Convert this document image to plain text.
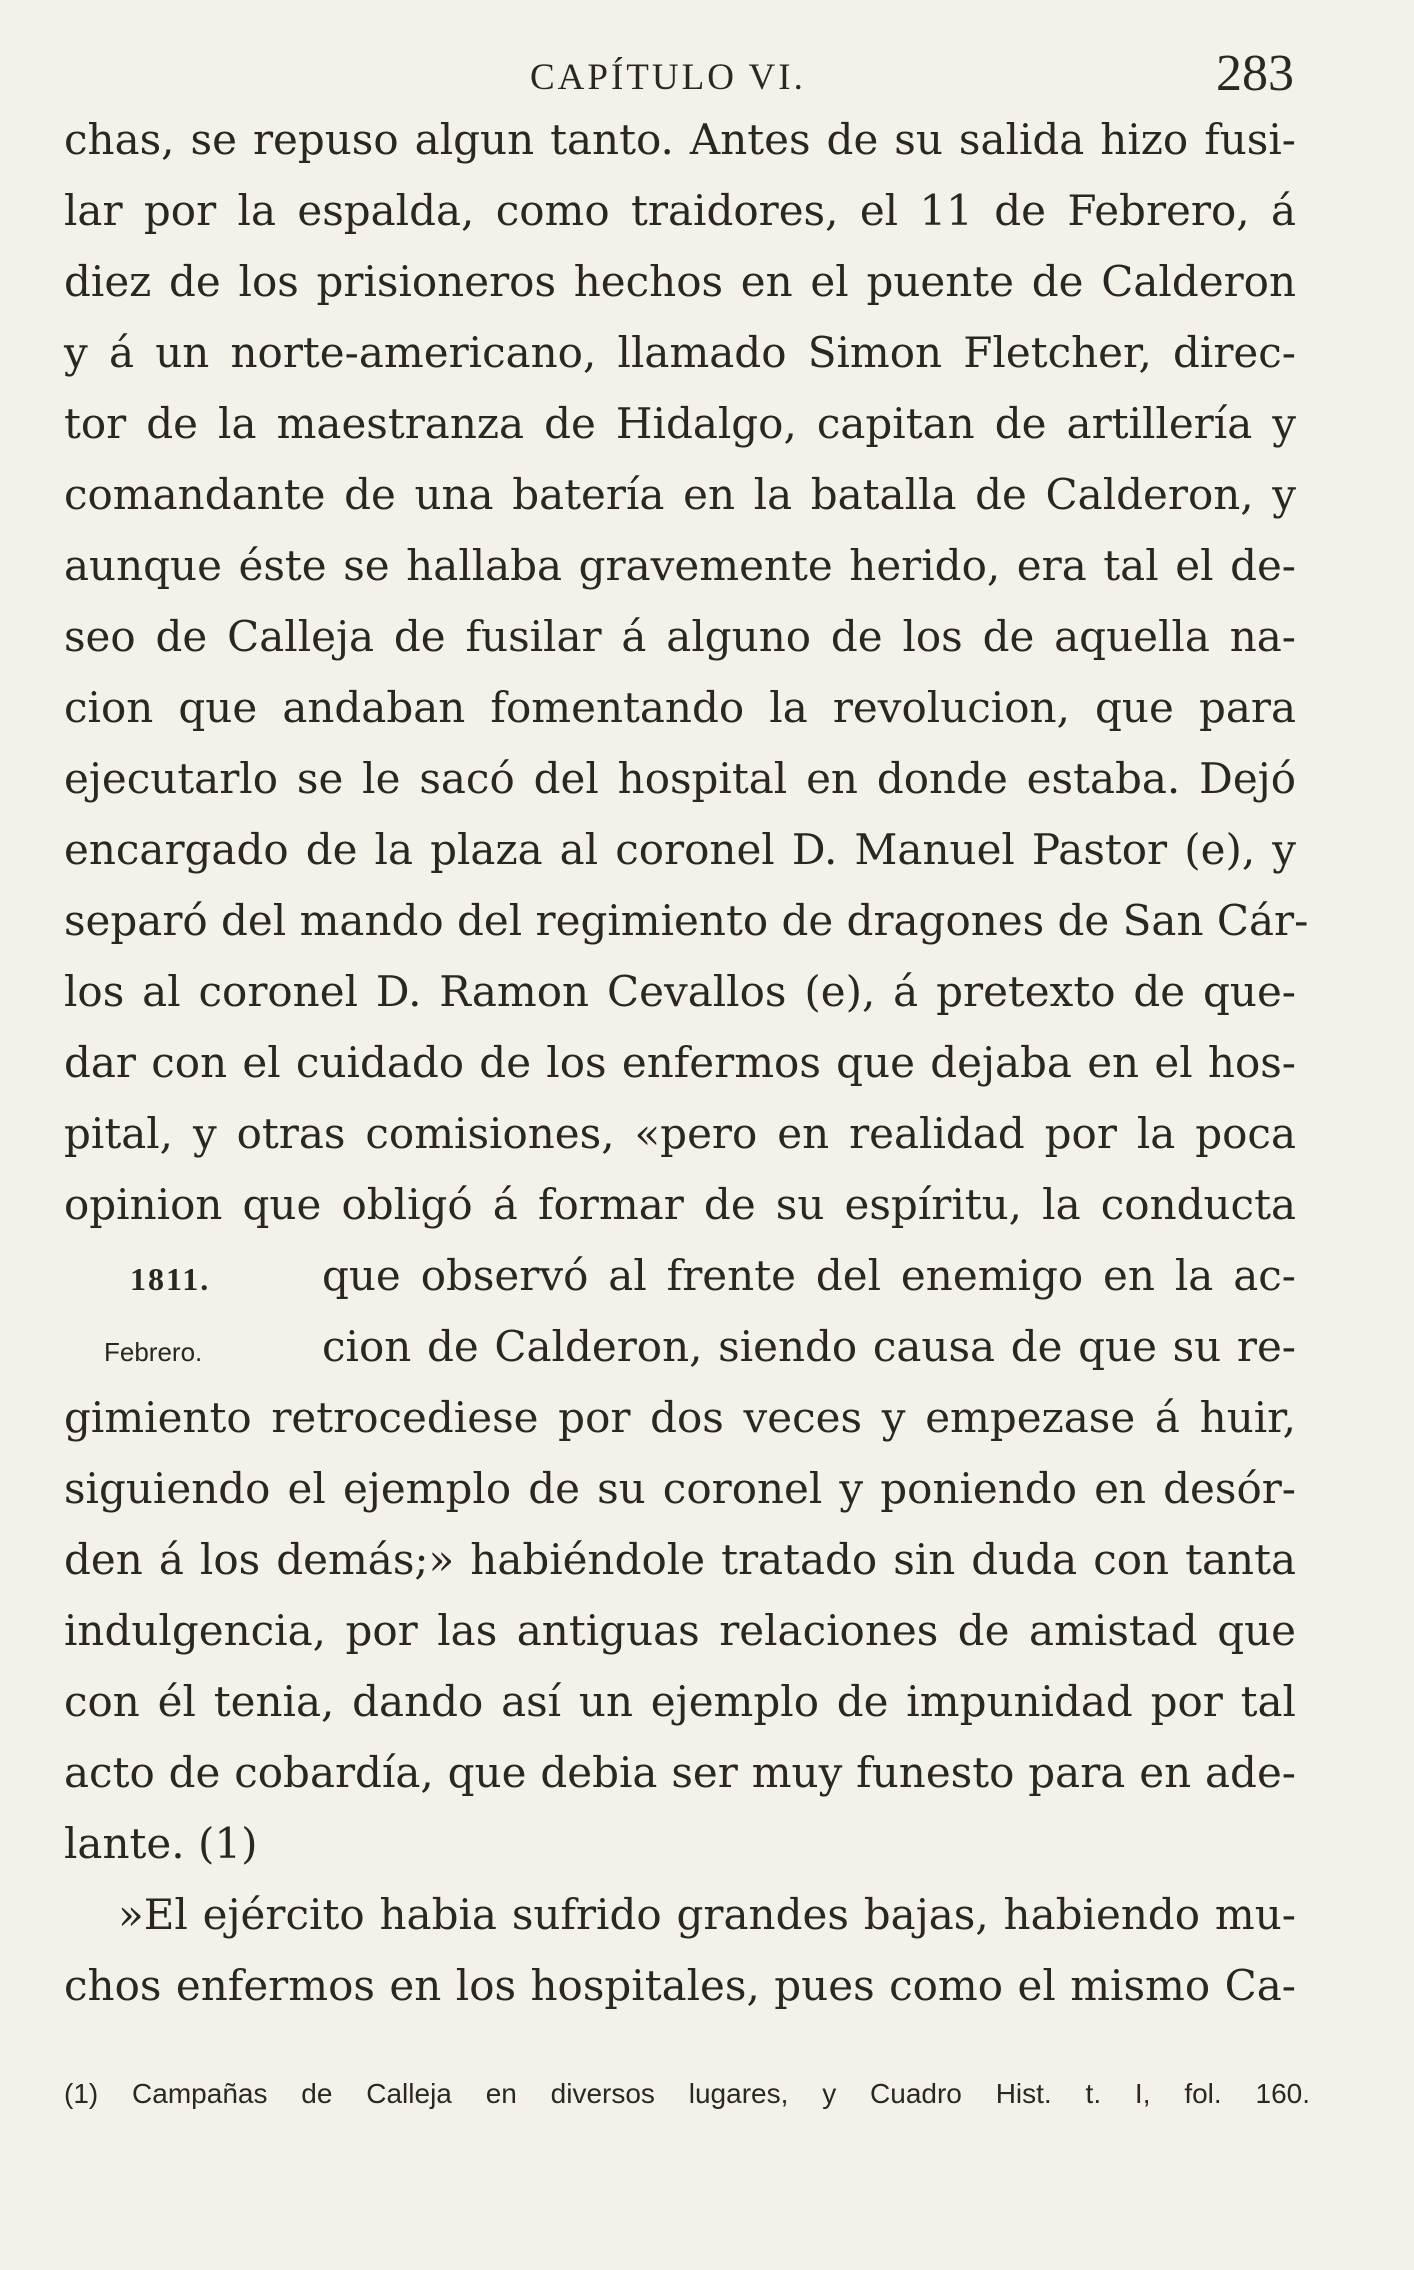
CAPÍTULO VI.	283
chas, se repuso algun tanto. Antes de su salida hizo fusi-
lar por la espalda, como traidores, el 11 de Febrero, á
diez de los prisioneros hechos en el puente de Calderon
y á un norte-americano, llamado Simon Fletcher, direc-
tor de la maestranza de Hidalgo, capitan de artillería y
comandante de una batería en la batalla de Calderon, y
aunque éste se hallaba gravemente herido, era tal el de-
seo de Calleja de fusilar á alguno de los de aquella na-
cion que andaban fomentando la revolucion, que para
ejecutarlo se le sacó del hospital en donde estaba. Dejó
encargado de la plaza al coronel D. Manuel Pastor (e), y
separó del mando del regimiento de dragones de San Cár-
los al coronel D. Ramon Cevallos (e), á pretexto de que-
dar con el cuidado de los enfermos que dejaba en el hos-
pital, y otras comisiones, «pero en realidad por la poca
opinion que obligó á formar de su espíritu, la conducta
1811.	que observó al frente del enemigo en la ac-
Febrero.	cion de Calderon, siendo causa de que su re-
gimiento retrocediese por dos veces y empezase á huir,
siguiendo el ejemplo de su coronel y poniendo en desór-
den á los demás;» habiéndole tratado sin duda con tanta
indulgencia, por las antiguas relaciones de amistad que
con él tenia, dando así un ejemplo de impunidad por tal
acto de cobardía, que debia ser muy funesto para en ade-
lante. (1)
»El ejército habia sufrido grandes bajas, habiendo mu-
chos enfermos en los hospitales, pues como el mismo Ca-
(1) Campañas de Calleja en diversos lugares, y Cuadro Hist. t. I, fol. 160.
